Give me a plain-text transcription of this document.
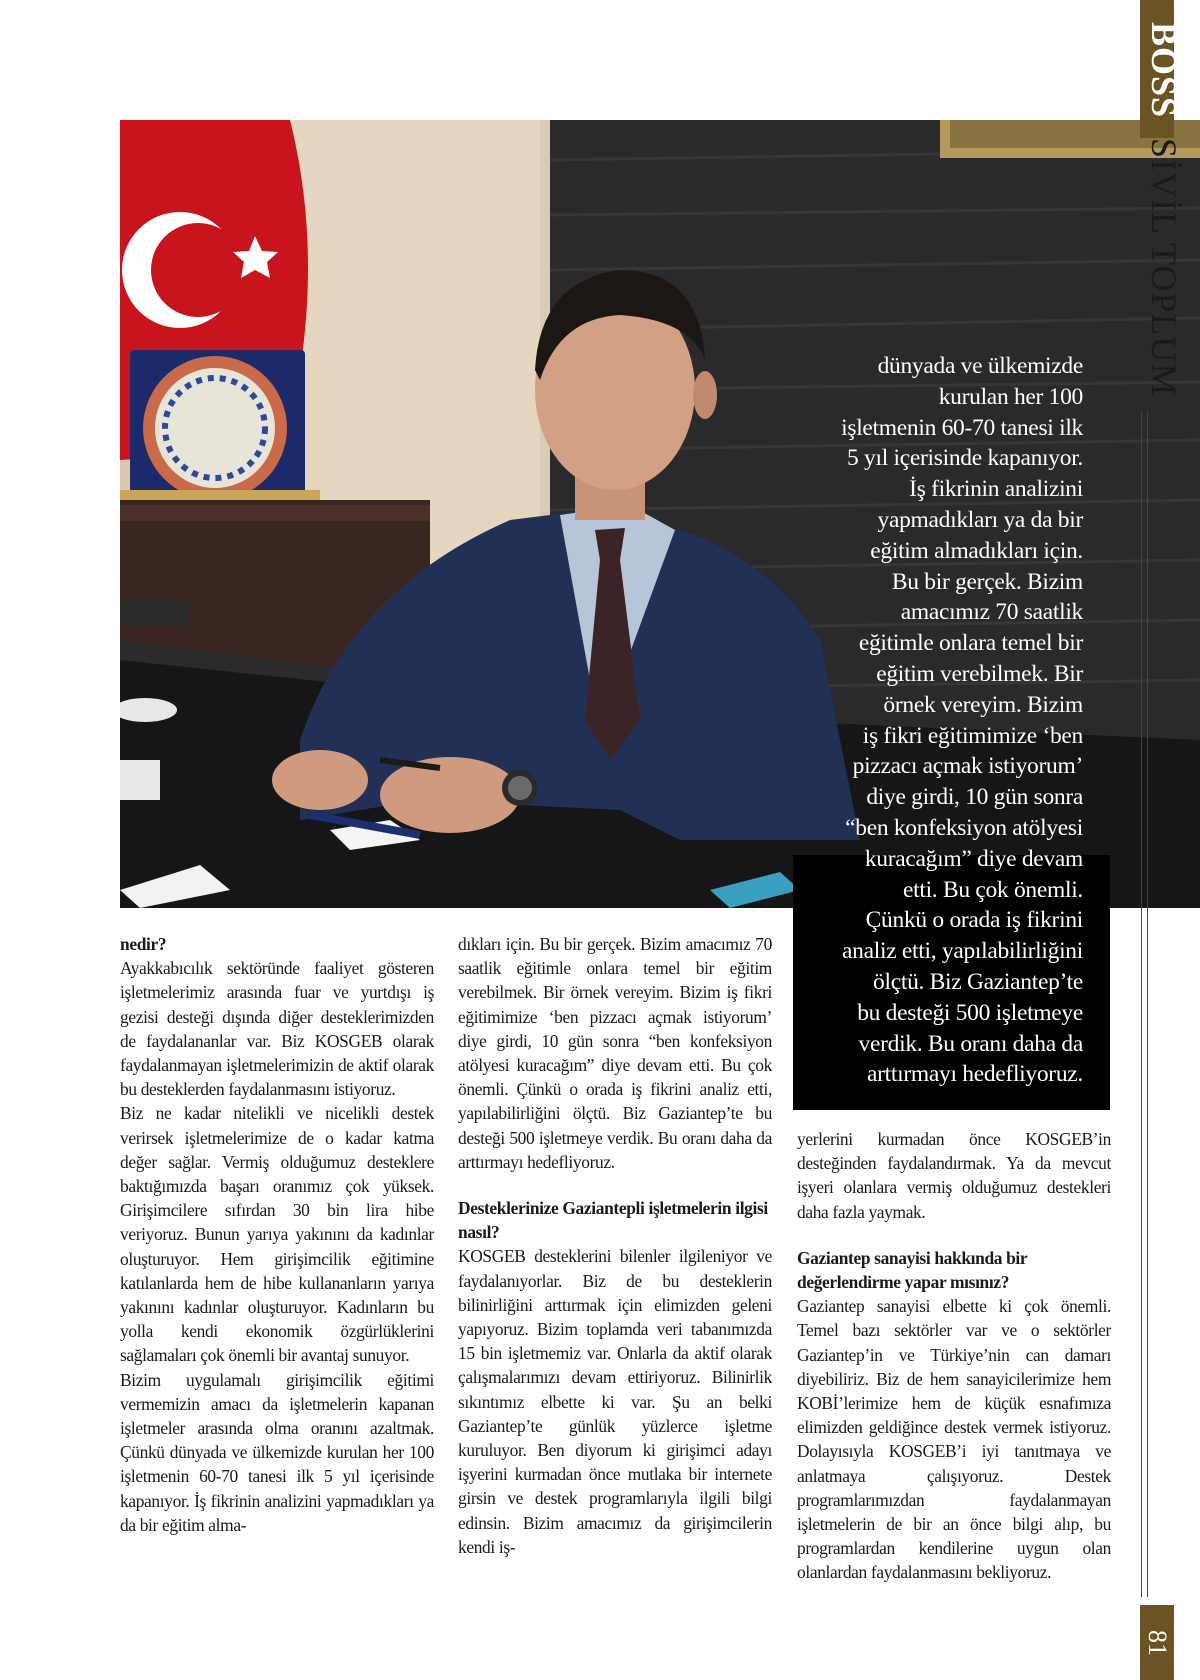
dünyada ve ülkemizde
kurulan her 100
işletmenin 60-70 tanesi ilk
5 yıl içerisinde kapanıyor.
İş fikrinin analizini
yapmadıkları ya da bir
eğitim almadıkları için.
Bu bir gerçek. Bizim
amacımız 70 saatlik
eğitimle onlara temel bir
eğitim verebilmek. Bir
örnek vereyim. Bizim
iş fikri eğitimimize ‘ben
pizzacı açmak istiyorum’
diye girdi, 10 gün sonra
“ben konfeksiyon atölyesi
kuracağım” diye devam
etti. Bu çok önemli.
Çünkü o orada iş fikrini
analiz etti, yapılabilirliğini
ölçtü. Biz Gaziantep’te
bu desteği 500 işletmeye
verdik. Bu oranı daha da
arttırmayı hedefliyoruz.
BOSS SİVİL TOPLUM
81
nedir?

Ayakkabıcılık sektöründe faaliyet gösteren işletmelerimiz arasında fuar ve yurtdışı iş gezisi desteği dışında diğer desteklerimizden de faydalananlar var. Biz KOSGEB olarak faydalanmayan işletmelerimizin de aktif olarak bu desteklerden faydalanmasını istiyoruz.

Biz ne kadar nitelikli ve nicelikli destek verirsek işletmelerimize de o kadar katma değer sağlar. Vermiş olduğumuz desteklere baktığımızda başarı oranımız çok yüksek. Girişimcilere sıfırdan 30 bin lira hibe veriyoruz. Bunun yarıya yakınını da kadınlar oluşturuyor. Hem girişimcilik eğitimine katılanlarda hem de hibe kullananların yarıya yakınını kadınlar oluşturuyor. Kadınların bu yolla kendi ekonomik özgürlüklerini sağlamaları çok önemli bir avantaj sunuyor.

Bizim uygulamalı girişimcilik eğitimi vermemizin amacı da işletmelerin kapanan işletmeler arasında olma oranını azaltmak. Çünkü dünyada ve ülkemizde kurulan her 100 işletmenin 60-70 tanesi ilk 5 yıl içerisinde kapanıyor. İş fikrinin analizini yapmadıkları ya da bir eğitim alma-

dıkları için. Bu bir gerçek. Bizim amacımız 70 saatlik eğitimle onlara temel bir eğitim verebilmek. Bir örnek vereyim. Bizim iş fikri eğitimimize ‘ben pizzacı açmak istiyorum’ diye girdi, 10 gün sonra “ben konfeksiyon atölyesi kuracağım” diye devam etti. Bu çok önemli. Çünkü o orada iş fikrini analiz etti, yapılabilirliğini ölçtü. Biz Gaziantep’te bu desteği 500 işletmeye verdik. Bu oranı daha da arttırmayı hedefliyoruz.

Desteklerinize Gaziantepli işletmelerin ilgisi nasıl?

KOSGEB desteklerini bilenler ilgileniyor ve faydalanıyorlar. Biz de bu desteklerin bilinirliğini arttırmak için elimizden geleni yapıyoruz. Bizim toplamda veri tabanımızda 15 bin işletmemiz var. Onlarla da aktif olarak çalışmalarımızı devam ettiriyoruz. Bilinirlik sıkıntımız elbette ki var. Şu an belki Gaziantep’te günlük yüzlerce işletme kuruluyor. Ben diyorum ki girişimci adayı işyerini kurmadan önce mutlaka bir internete girsin ve destek programlarıyla ilgili bilgi edinsin. Bizim amacımız da girişimcilerin kendi iş-

yerlerini kurmadan önce KOSGEB’in desteğinden faydalandırmak. Ya da mevcut işyeri olanlara vermiş olduğumuz destekleri daha fazla yaymak.

Gaziantep sanayisi hakkında bir değerlendirme yapar mısınız?

Gaziantep sanayisi elbette ki çok önemli. Temel bazı sektörler var ve o sektörler Gaziantep’in ve Türkiye’nin can damarı diyebiliriz. Biz de hem sanayicilerimize hem KOBİ’lerimize hem de küçük esnafımıza elimizden geldiğince destek vermek istiyoruz. Dolayısıyla KOSGEB’i iyi tanıtmaya ve anlatmaya çalışıyoruz. Destek programlarımızdan faydalanmayan işletmelerin de bir an önce bilgi alıp, bu programlardan kendilerine uygun olan olanlardan faydalanmasını bekliyoruz.
